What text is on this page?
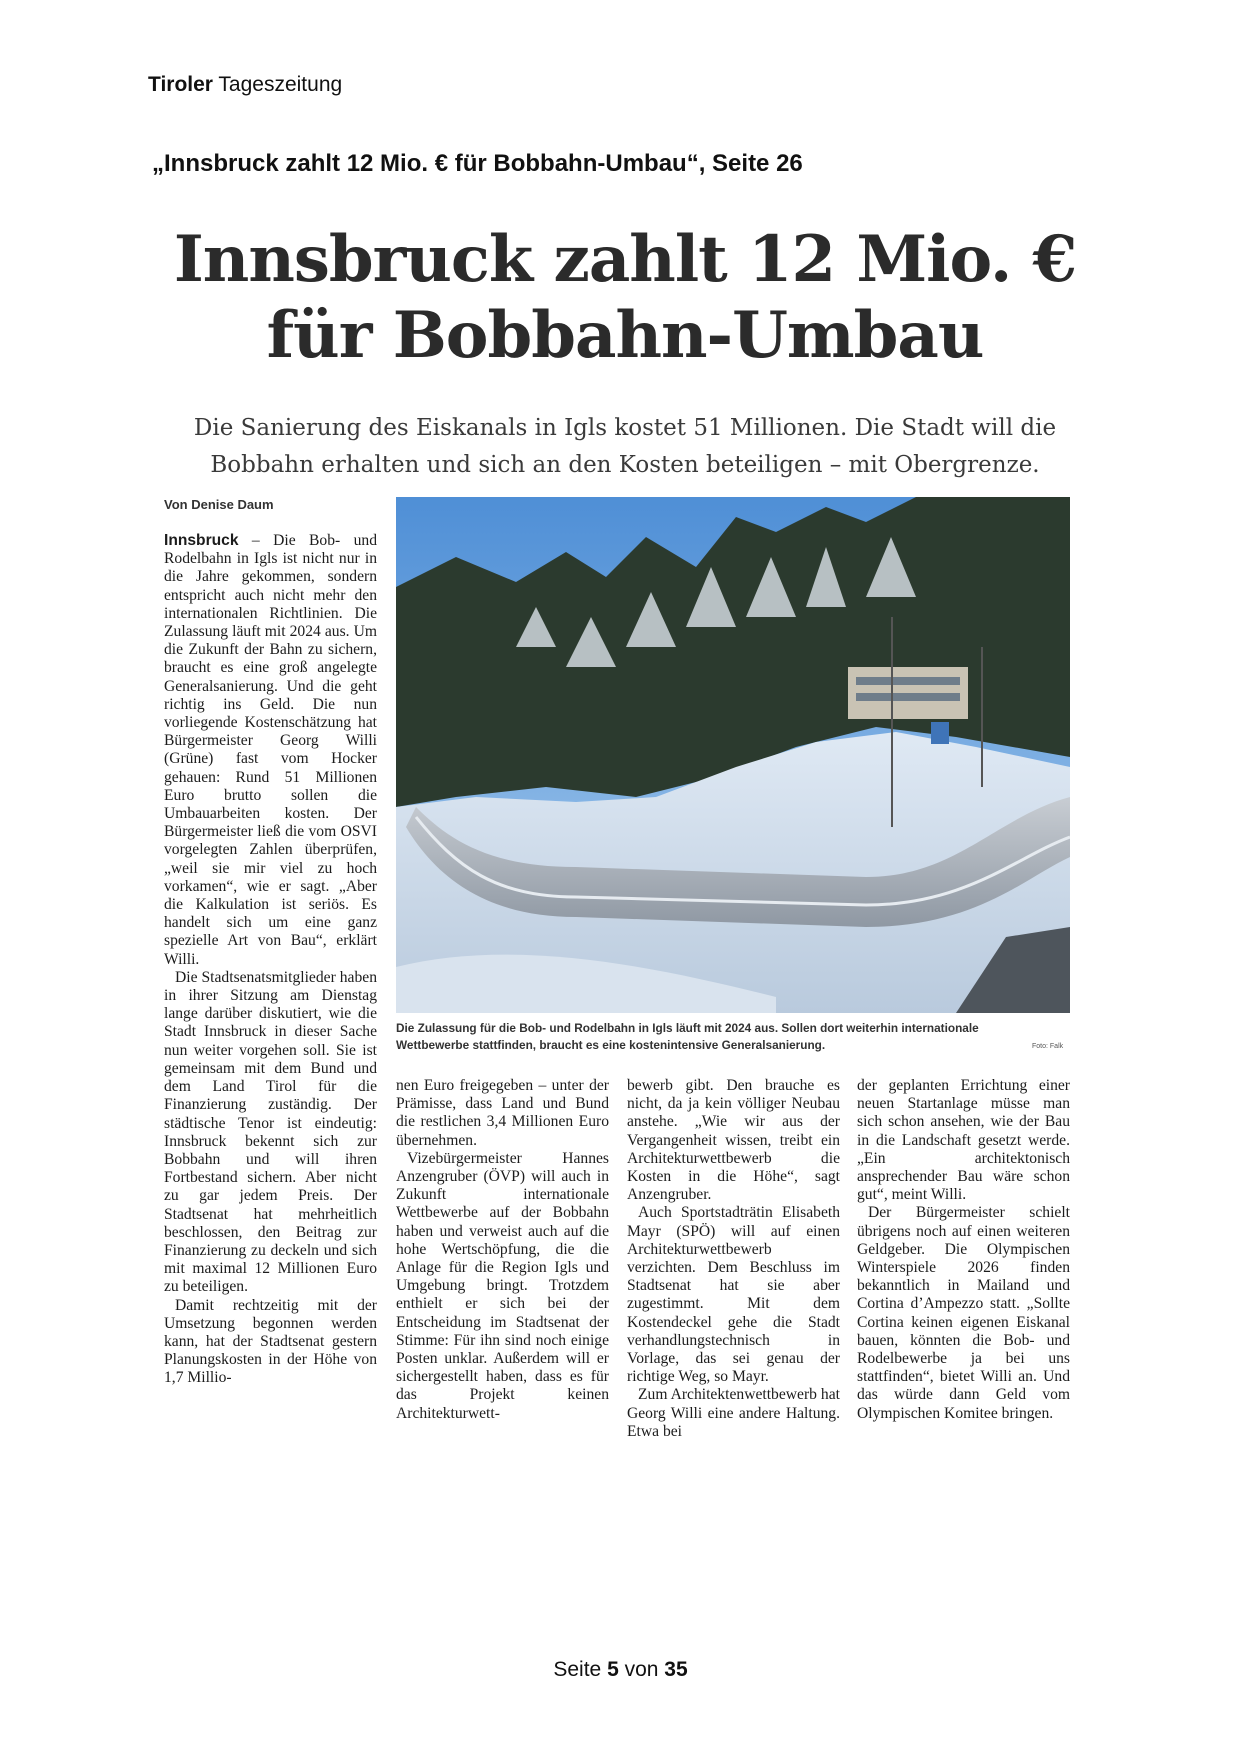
Tiroler Tageszeitung
„Innsbruck zahlt 12 Mio. € für Bobbahn-Umbau“, Seite 26
Innsbruck zahlt 12 Mio. €
für Bobbahn-Umbau
Die Sanierung des Eiskanals in Igls kostet 51 Millionen. Die Stadt will die Bobbahn erhalten und sich an den Kosten beteiligen – mit Obergrenze.
Von Denise Daum

Innsbruck – Die Bob- und Rodelbahn in Igls ist nicht nur in die Jahre gekommen, sondern entspricht auch nicht mehr den internationalen Richtlinien. Die Zulassung läuft mit 2024 aus. Um die Zukunft der Bahn zu sichern, braucht es eine groß angelegte Generalsanierung. Und die geht richtig ins Geld. Die nun vorliegende Kostenschätzung hat Bürgermeister Georg Willi (Grüne) fast vom Hocker gehauen: Rund 51 Millionen Euro brutto sollen die Umbauarbeiten kosten. Der Bürgermeister ließ die vom OSVI vorgelegten Zahlen überprüfen, „weil sie mir viel zu hoch vorkamen“, wie er sagt. „Aber die Kalkulation ist seriös. Es handelt sich um eine ganz spezielle Art von Bau“, erklärt Willi.

Die Stadtsenatsmitglieder haben in ihrer Sitzung am Dienstag lange darüber diskutiert, wie die Stadt Innsbruck in dieser Sache nun weiter vorgehen soll. Sie ist gemeinsam mit dem Bund und dem Land Tirol für die Finanzierung zuständig. Der städtische Tenor ist eindeutig: Innsbruck bekennt sich zur Bobbahn und will ihren Fortbestand sichern. Aber nicht zu gar jedem Preis. Der Stadtsenat hat mehrheitlich beschlossen, den Beitrag zur Finanzierung zu deckeln und sich mit maximal 12 Millionen Euro zu beteiligen.

Damit rechtzeitig mit der Umsetzung begonnen werden kann, hat der Stadtsenat gestern Planungskosten in der Höhe von 1,7 Millio-

Die Zulassung für die Bob- und Rodelbahn in Igls läuft mit 2024 aus. Sollen dort weiterhin internationale Wettbewerbe stattfinden, braucht es eine kostenintensive Generalsanierung.	Foto: Falk

nen Euro freigegeben – unter der Prämisse, dass Land und Bund die restlichen 3,4 Millionen Euro übernehmen.

Vizebürgermeister Hannes Anzengruber (ÖVP) will auch in Zukunft internationale Wettbewerbe auf der Bobbahn haben und verweist auch auf die hohe Wertschöpfung, die die Anlage für die Region Igls und Umgebung bringt. Trotzdem enthielt er sich bei der Entscheidung im Stadtsenat der Stimme: Für ihn sind noch einige Posten unklar. Außerdem will er sichergestellt haben, dass es für das Projekt keinen Architekturwett-

bewerb gibt. Den brauche es nicht, da ja kein völliger Neubau anstehe. „Wie wir aus der Vergangenheit wissen, treibt ein Architekturwettbewerb die Kosten in die Höhe“, sagt Anzengruber.

Auch Sportstadträtin Elisabeth Mayr (SPÖ) will auf einen Architekturwettbewerb verzichten. Dem Beschluss im Stadtsenat hat sie aber zugestimmt. Mit dem Kostendeckel gehe die Stadt verhandlungstechnisch in Vorlage, das sei genau der richtige Weg, so Mayr.

Zum Architektenwettbewerb hat Georg Willi eine andere Haltung. Etwa bei

der geplanten Errichtung einer neuen Startanlage müsse man sich schon ansehen, wie der Bau in die Landschaft gesetzt werde. „Ein architektonisch ansprechender Bau wäre schon gut“, meint Willi.

Der Bürgermeister schielt übrigens noch auf einen weiteren Geldgeber. Die Olympischen Winterspiele 2026 finden bekanntlich in Mailand und Cortina d’Ampezzo statt. „Sollte Cortina keinen eigenen Eiskanal bauen, könnten die Bob- und Rodelbewerbe ja bei uns stattfinden“, bietet Willi an. Und das würde dann Geld vom Olympischen Komitee bringen.

Seite 5 von 35
